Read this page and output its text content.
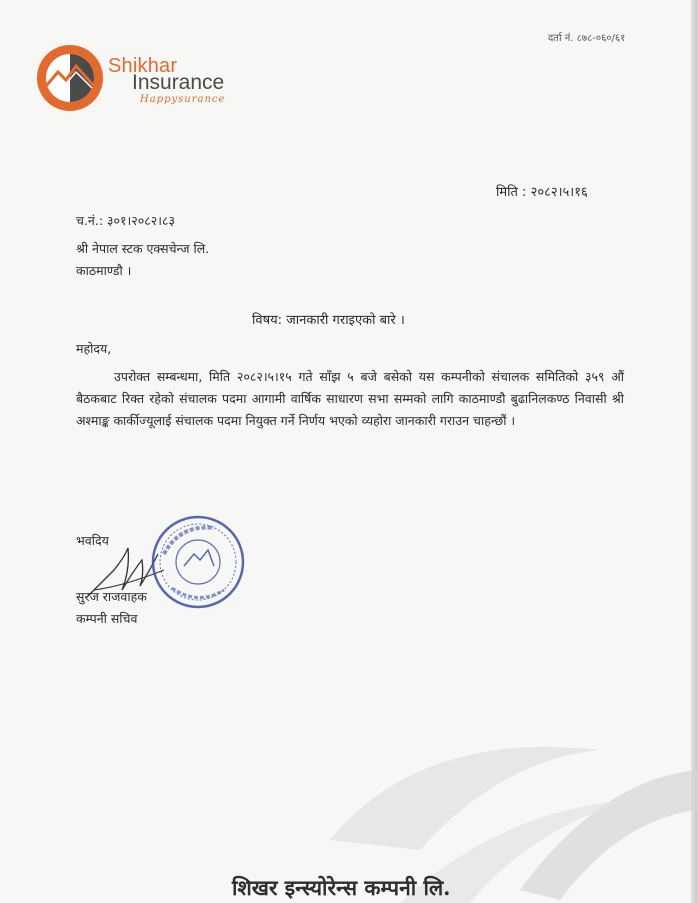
Shikhar
Insurance
Happysurance
दर्ता नं. ८७८-०६०/६१
मिति : २०८२।५।१६
च.नं.: ३०१।२०८२।८३
श्री नेपाल स्टक एक्सचेन्ज लि.
काठमाण्डौ ।
विषय: जानकारी गराइएको बारे ।
महोदय,
उपरोक्त सम्बन्धमा, मिति २०८२।५।१५ गते साँझ ५ बजे बसेको यस कम्पनीको संचालक समितिको ३५९ औं बैठकबाट रिक्त रहेको संचालक पदमा आगामी वार्षिक साधारण सभा सम्मको लागि काठमाण्डौ बुढानिलकण्ठ निवासी श्री अश्माङ्क कार्कीज्यूलाई संचालक पदमा नियुक्त गर्ने निर्णय भएको व्यहोरा जानकारी गराउन चाहन्छौं ।
भवदिय
सुरज राजवाहक
कम्पनी सचिव
शिखर इन्स्योरेन्स कम्पनी लि.
